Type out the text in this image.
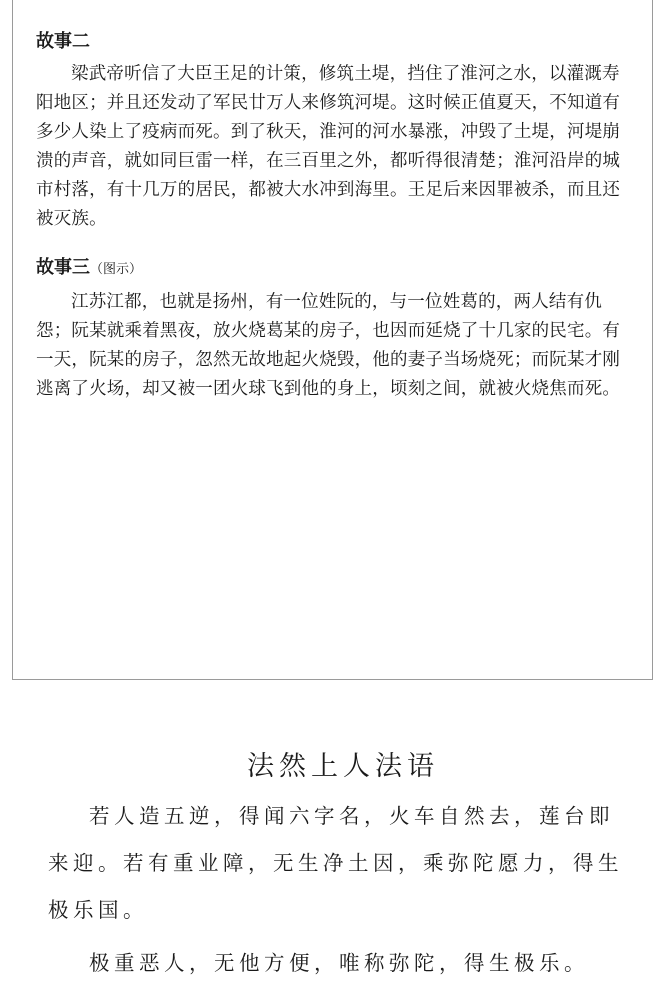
故事二

梁武帝听信了大臣王足的计策，修筑土堤，挡住了淮河之水，以灌溉寿阳地区；并且还发动了军民廿万人来修筑河堤。这时候正值夏天，不知道有多少人染上了疫病而死。到了秋天，淮河的河水暴涨，冲毁了土堤，河堤崩溃的声音，就如同巨雷一样，在三百里之外，都听得很清楚；淮河沿岸的城市村落，有十几万的居民，都被大水冲到海里。王足后来因罪被杀，而且还被灭族。

故事三（图示）

江苏江都，也就是扬州，有一位姓阮的，与一位姓葛的，两人结有仇怨；阮某就乘着黑夜，放火烧葛某的房子，也因而延烧了十几家的民宅。有一天，阮某的房子，忽然无故地起火烧毁，他的妻子当场烧死；而阮某才刚逃离了火场，却又被一团火球飞到他的身上，顷刻之间，就被火烧焦而死。

法然上人法语

若人造五逆，得闻六字名，火车自然去，莲台即来迎。若有重业障，无生净土因，乘弥陀愿力，得生极乐国。

极重恶人，无他方便，唯称弥陀，得生极乐。
